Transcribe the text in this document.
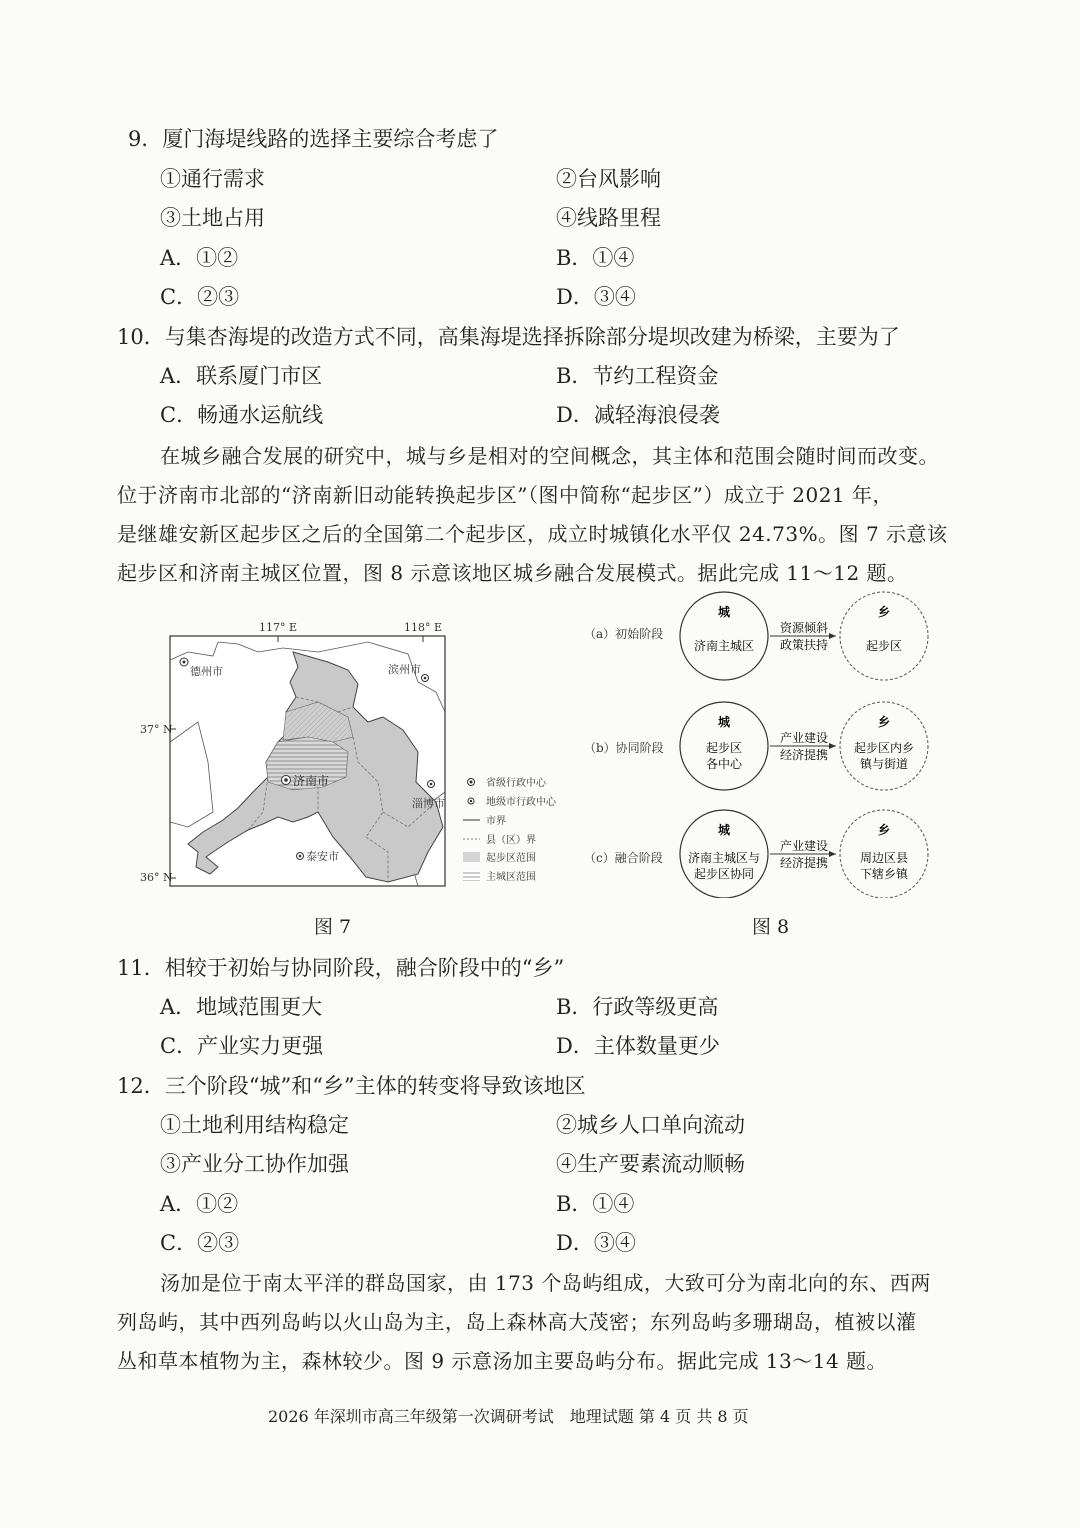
9．厦门海堤线路的选择主要综合考虑了
①通行需求	②台风影响
③土地占用	④线路里程
A．①②	B．①④
C．②③	D．③④
10．与集杏海堤的改造方式不同，高集海堤选择拆除部分堤坝改建为桥梁，主要为了
A．联系厦门市区	B．节约工程资金
C．畅通水运航线	D．减轻海浪侵袭
在城乡融合发展的研究中，城与乡是相对的空间概念，其主体和范围会随时间而改变。
位于济南市北部的“济南新旧动能转换起步区”（图中简称“起步区”）成立于 2021 年，
是继雄安新区起步区之后的全国第二个起步区，成立时城镇化水平仅 24.73%。图 7 示意该
起步区和济南主城区位置，图 8 示意该地区城乡融合发展模式。据此完成 11～12 题。
117° E	118° E
37° N
36° N
德州市	滨州市
济南市
淄博市
泰安市
省级行政中心
地级市行政中心
市界
县（区）界
起步区范围
主城区范围
图 7
（a）初始阶段
城
济南主城区
资源倾斜
政策扶持
乡
起步区
（b）协同阶段
城
起步区
各中心
产业建设
经济提携
乡
起步区内乡
镇与街道
（c）融合阶段
城
济南主城区与
起步区协同
产业建设
经济提携
乡
周边区县
下辖乡镇
图 8
11．相较于初始与协同阶段，融合阶段中的“乡”
A．地域范围更大	B．行政等级更高
C．产业实力更强	D．主体数量更少
12．三个阶段“城”和“乡”主体的转变将导致该地区
①土地利用结构稳定	②城乡人口单向流动
③产业分工协作加强	④生产要素流动顺畅
A．①②	B．①④
C．②③	D．③④
汤加是位于南太平洋的群岛国家，由 173 个岛屿组成，大致可分为南北向的东、西两
列岛屿，其中西列岛屿以火山岛为主，岛上森林高大茂密；东列岛屿多珊瑚岛，植被以灌
丛和草本植物为主，森林较少。图 9 示意汤加主要岛屿分布。据此完成 13～14 题。
2026 年深圳市高三年级第一次调研考试　地理试题 第 4 页 共 8 页
